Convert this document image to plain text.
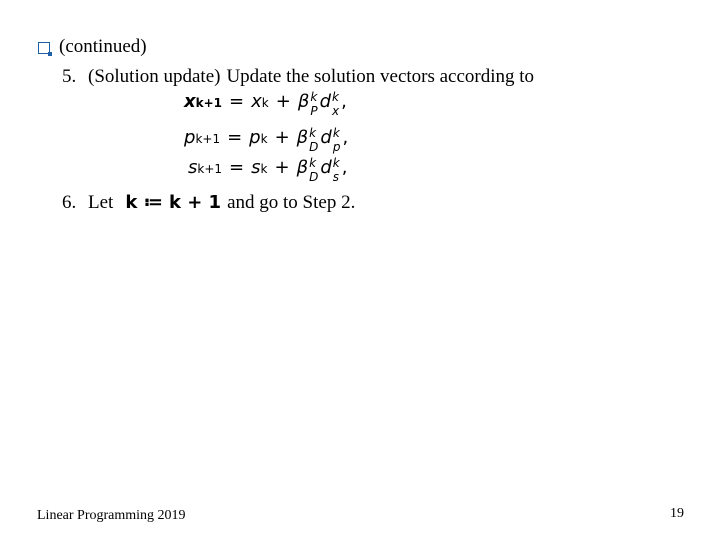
(continued)
5. (Solution update) Update the solution vectors according to
x k+1 = x k + β k
P d k
x ,
p k+1 = p k + β k
D d k
p ,
s k+1 = s k + β k
D d k
s ,
6. Let k ≔ k + 1 and go to Step 2.
Linear Programming 2019	19
